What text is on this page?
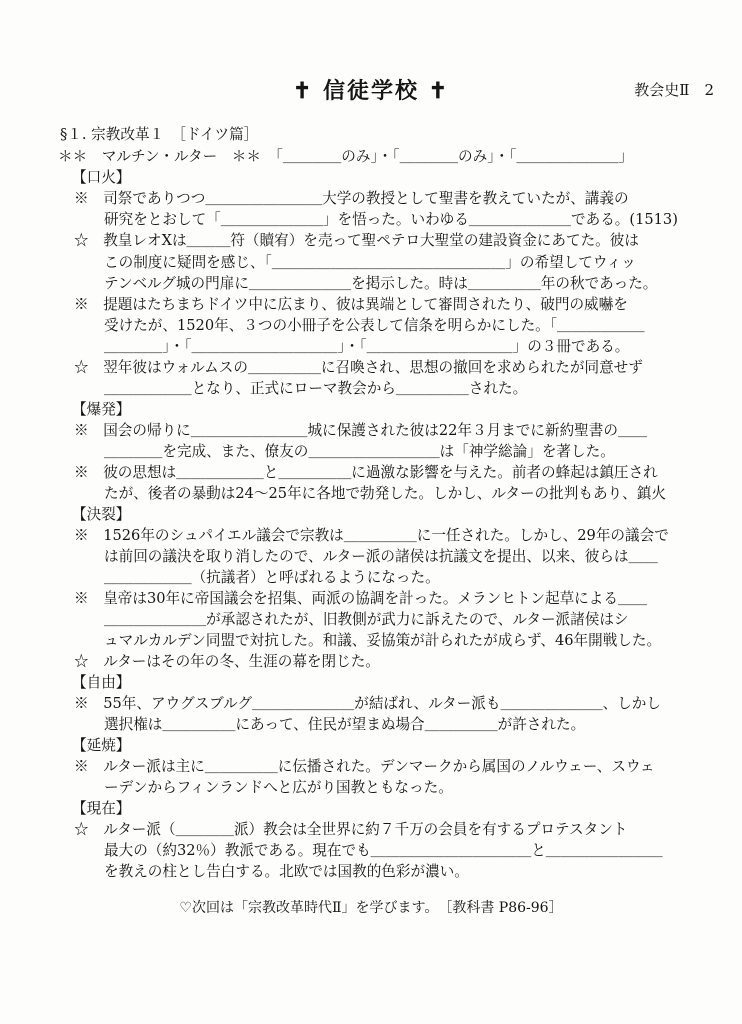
✝ 信徒学校 ✝	教会史Ⅱ　2
§１. 宗教改革１　［ドイツ篇］
＊＊　マルチン・ルター　＊＊　「＿＿＿＿のみ」・「＿＿＿＿のみ」・「＿＿＿＿＿＿＿」
【口火】
※　司祭でありつつ＿＿＿＿＿＿＿＿大学の教授として聖書を教えていたが、講義の
研究をとおして「＿＿＿＿＿＿＿」を悟った。いわゆる＿＿＿＿＿＿＿である。(1513)
☆　教皇レオⅩは＿＿＿符（贖宥）を売って聖ペテロ大聖堂の建設資金にあてた。彼は
この制度に疑問を感じ、「＿＿＿＿＿＿＿＿＿＿＿＿＿＿＿＿」の希望してウィッ
テンベルグ城の門扉に＿＿＿＿＿＿＿を掲示した。時は＿＿＿＿＿年の秋であった。
※　提題はたちまちドイツ中に広まり、彼は異端として審問されたり、破門の威嚇を
受けたが、1520年、３つの小冊子を公表して信条を明らかにした。「＿＿＿＿＿＿
＿＿＿＿」・「＿＿＿＿＿＿＿＿＿＿」・「＿＿＿＿＿＿＿＿＿＿」の３冊である。
☆　翌年彼はウォルムスの＿＿＿＿＿に召喚され、思想の撤回を求められたが同意せず
＿＿＿＿＿＿となり、正式にローマ教会から＿＿＿＿＿された。
【爆発】
※　国会の帰りに＿＿＿＿＿＿＿＿城に保護された彼は22年３月までに新約聖書の＿＿
＿＿＿＿を完成、また、僚友の＿＿＿＿＿＿＿＿＿は「神学総論」を著した。
※　彼の思想は＿＿＿＿＿＿と＿＿＿＿＿に過激な影響を与えた。前者の蜂起は鎮圧され
たが、後者の暴動は24～25年に各地で勃発した。しかし、ルターの批判もあり、鎮火
【決裂】
※　1526年のシュパイエル議会で宗教は＿＿＿＿＿に一任された。しかし、29年の議会で
は前回の議決を取り消したので、ルター派の諸侯は抗議文を提出、以来、彼らは＿＿
＿＿＿＿＿＿（抗議者）と呼ばれるようになった。
※　皇帝は30年に帝国議会を招集、両派の協調を計った。メランヒトン起草による＿＿
＿＿＿＿＿＿＿が承認されたが、旧教側が武力に訴えたので、ルター派諸侯はシ
ュマルカルデン同盟で対抗した。和議、妥協策が計られたが成らず、46年開戦した。
☆　ルターはその年の冬、生涯の幕を閉じた。
【自由】
※　55年、アウグスブルグ＿＿＿＿＿＿＿が結ばれ、ルター派も＿＿＿＿＿＿＿、しかし
選択権は＿＿＿＿＿にあって、住民が望まぬ場合＿＿＿＿＿が許された。
【延焼】
※　ルター派は主に＿＿＿＿＿に伝播された。デンマークから属国のノルウェー、スウェ
ーデンからフィンランドへと広がり国教ともなった。
【現在】
☆　ルター派（＿＿＿＿派）教会は全世界に約７千万の会員を有するプロテスタント
最大の（約32％）教派である。現在でも＿＿＿＿＿＿＿＿＿＿＿と＿＿＿＿＿＿＿＿
を教えの柱とし告白する。北欧では国教的色彩が濃い。
♡次回は「宗教改革時代Ⅱ」を学びます。　［教科書 P86-96］
